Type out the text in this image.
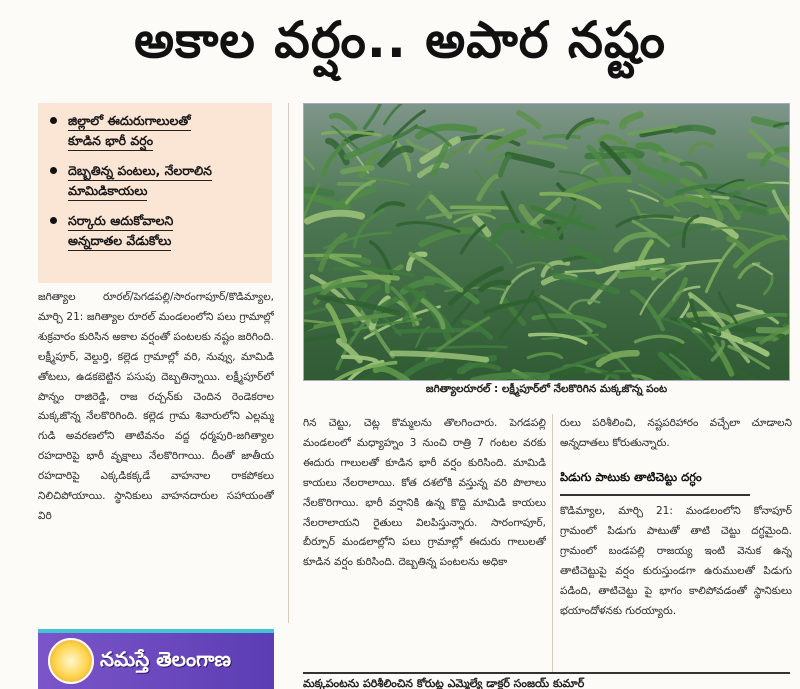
అకాల వర్షం.. అపార నష్టం
జిల్లాలో ఈదురుగాలులతో
కూడిన భారీ వర్షం
దెబ్బతిన్న పంటలు, నేలరాలిన
మామిడికాయలు
సర్కారు ఆదుకోవాలని
అన్నదాతల వేడుకోలు
జగిత్యాలరూరల్ : లక్ష్మీపూర్‌లో నేలకొరిగిన మక్కజొన్న పంట
జగిత్యాల రూరల్/పెగడపల్లి/సారంగాపూర్/కొడిమ్యాల, మార్చి 21: జగిత్యాల రూరల్ మండలంలోని పలు గ్రామాల్లో శుక్రవారం కురిసిన అకాల వర్షంతో పంటలకు నష్టం జరిగింది. లక్ష్మీపూర్, వెల్దుర్తి, కల్లెడ గ్రామాల్లో వరి, నువ్వు, మామిడి తోటలు, ఉడకబెట్టిన పసుపు దెబ్బతిన్నాయి. లక్ష్మీపూర్‌లో పొన్నం రాజిరెడ్డి, రాజ రచ్చన్‌కు చెందిన రెండెకరాల మక్కజొన్న నేలకొరిగింది. కల్లెడ గ్రామ శివారులోని ఎల్లమ్మ గుడి అవరణలోని తాటివనం వద్ద ధర్మపురి-జగిత్యాల రహదారిపై భారీ వృక్షాలు నేలకొరిగాయి. దీంతో జాతీయ రహదారిపై ఎక్కడికక్కడే వాహనాల రాకపోకలు నిలిచిపోయాయి. స్థానికులు వాహనదారుల సహాయంతో విరి
గిన చెట్టు, చెట్ల కొమ్మలను తొలగించారు. పెగడపల్లి మండలంలో మధ్యాహ్నం 3 నుంచి రాత్రి 7 గంటల వరకు ఈదురు గాలులతో కూడిన భారీ వర్షం కురిసింది. మామిడి కాయలు నేలరాలాయి. కోత దశలోకి వస్తున్న వరి పొలాలు నేలకొరిగాయి. భారీ వర్షానికి ఉన్న కొద్ది మామిడి కాయలు నేలరాలాయని రైతులు విలపిస్తున్నారు. సారంగాపూర్, బీర్పూర్ మండలాల్లోని పలు గ్రామాల్లో ఈదురు గాలులతో కూడిన వర్షం కురిసింది. దెబ్బతిన్న పంటలను అధికా
రులు పరిశీలించి, నష్టపరిహారం వచ్చేలా చూడాలని అన్నదాతలు కోరుతున్నారు.
పిడుగు పాటుకు తాటిచెట్టు దగ్ధం
కొడిమ్యాల, మార్చి 21: మండలంలోని కోనాపూర్ గ్రామంలో పిడుగు పాటుతో తాటి చెట్టు దగ్ధమైంది. గ్రామంలో బండపల్లి రాజయ్య ఇంటి వెనుక ఉన్న తాటిచెట్టుపై వర్షం కురుస్తుండగా ఉరుములతో పిడుగు పడింది, తాటిచెట్టు పై భాగం కాలిపోవడంతో స్థానికులు భయాందోళనకు గురయ్యారు.
నమస్తే తెలంగాణ
మక్కపంటను పరిశీలించిన కోరుట్ల ఎమ్మెల్యే డాక్టర్ సంజయ్ కుమార్
